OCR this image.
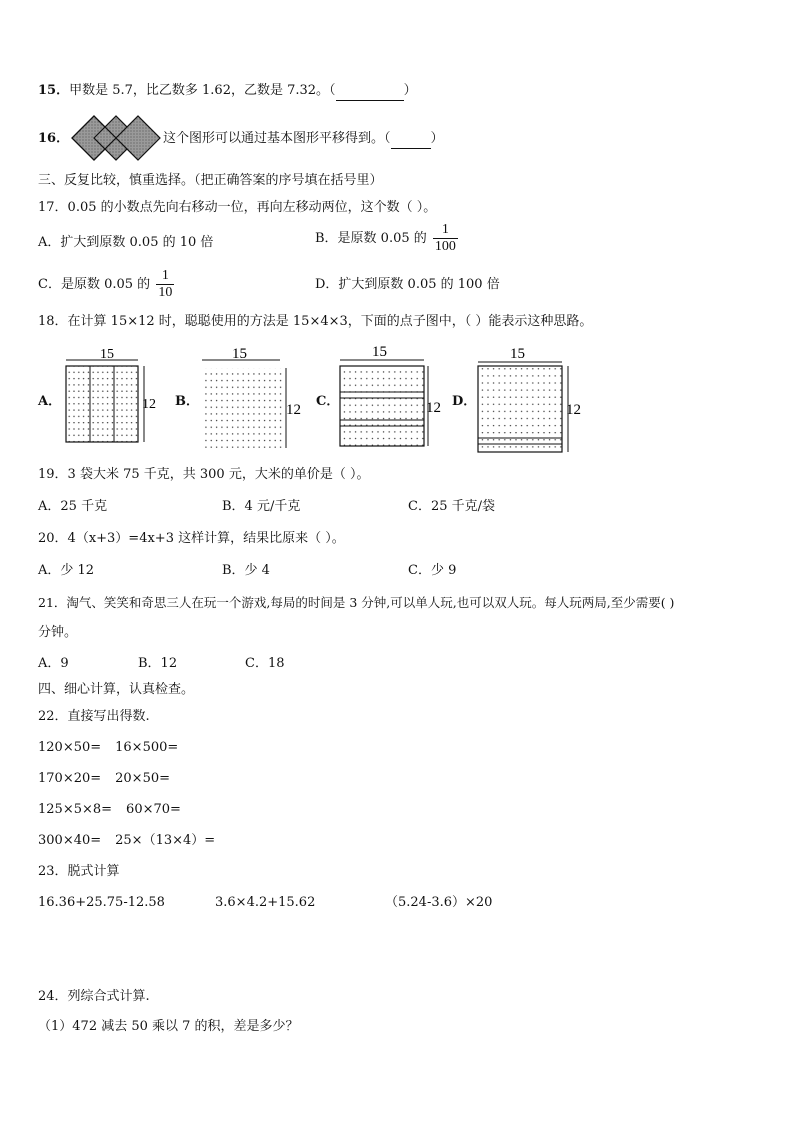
15．甲数是 5.7，比乙数多 1.62，乙数是 7.32。（	）
16．	这个图形可以通过基本图形平移得到。（	）
三、反复比较，慎重选择。（把正确答案的序号填在括号里）
17．0.05 的小数点先向右移动一位，再向左移动两位，这个数（ ）。
A．扩大到原数 0.05 的 10 倍	B．是原数 0.05 的 $\frac{1}{100}$
C．是原数 0.05 的 $\frac{1}{10}$	D．扩大到原数 0.05 的 100 倍
18．在计算 15×12 时，聪聪使用的方法是 15×4×3，下面的点子图中，（ ）能表示这种思路。
A．
15
12 B．
15
12
C．
15
12 D．
15
12
19．3 袋大米 75 千克，共 300 元，大米的单价是（ ）。
A．25 千克	B．4 元/千克	C．25 千克/袋
20．4（x+3）=4x+3 这样计算，结果比原来（ ）。
A．少 12	B．少 4	C．少 9
21．淘气、笑笑和奇思三人在玩一个游戏,每局的时间是 3 分钟,可以单人玩,也可以双人玩。每人玩两局,至少需要( )
分钟。
A．9	B．12	C．18
四、细心计算，认真检查。
22．直接写出得数.
120×50= 16×500=
170×20= 20×50=
125×5×8= 60×70=
300×40= 25×（13×4）=
23．脱式计算
16.36+25.75-12.58	3.6×4.2+15.62	（5.24-3.6）×20
24．列综合式计算.
（1）472 减去 50 乘以 7 的积，差是多少？
